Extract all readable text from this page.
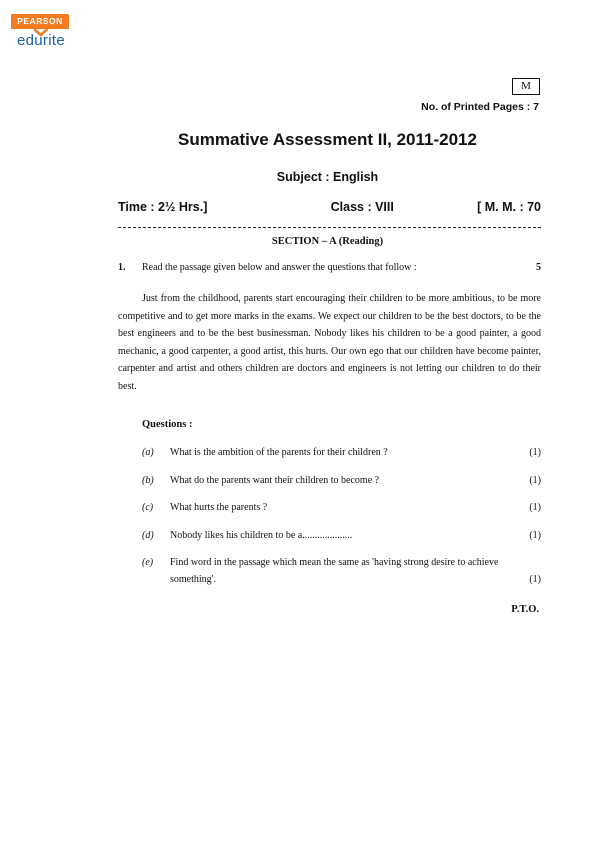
PEARSON
edurite
M
No. of Printed Pages : 7
Summative Assessment II, 2011-2012
Subject : English
Time : 2½ Hrs.]	Class : VIII	[ M. M. : 70
SECTION – A (Reading)
1.	Read the passage given below and answer the questions that follow :	5
Just from the childhood, parents start encouraging their children to be more ambitious, to be more competitive and to get more marks in the exams. We expect our children to be the best doctors, to be the best engineers and to be the best businessman. Nobody likes his children to be a good painter, a good mechanic, a good carpenter, a good artist, this hurts. Our own ego that our children have become painter, carpenter and artist and others children are doctors and engineers is not letting our children to do their best.
Questions :
(a)	What is the ambition of the parents for their children ?	(1)
(b)	What do the parents want their children to become ?	(1)
(c)	What hurts the parents ?	(1)
(d)	Nobody likes his children to be a....................	(1)
(e)	Find word in the passage which mean the same as 'having strong desire to achieve
something'.	(1)
P.T.O.
